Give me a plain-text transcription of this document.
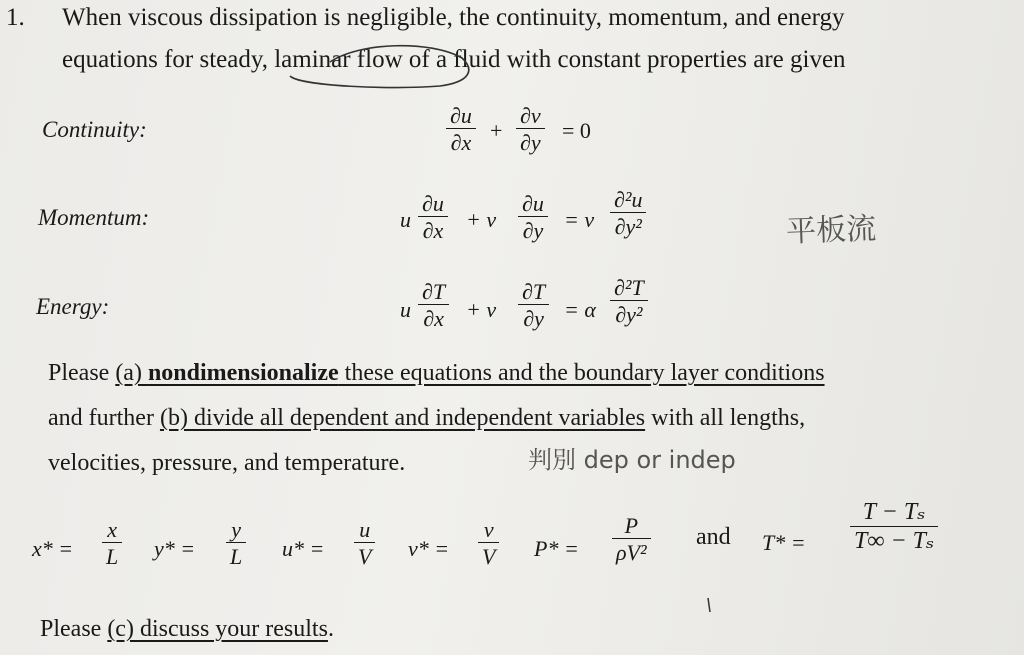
1. When viscous dissipation is negligible, the continuity, momentum, and energy
equations for steady, laminar flow of a fluid with constant properties are given
Continuity:
Momentum:
Energy:
$\frac{\partial u}{\partial x} + \frac{\partial v}{\partial y} = 0$
u $\frac{\partial u}{\partial x} + v \frac{\partial u}{\partial y} = \nu \frac{\text{∂²u}}{\text{∂y²}}$
u $\frac{\partial T}{\partial x} + v \frac{\partial T}{\partial y} = \alpha \frac{\text{∂²T}}{\text{∂y²}}$
平板流
Please (a) nondimensionalize these equations and the boundary layer conditions
and further (b) divide all dependent and independent variables with all lengths,
velocities, pressure, and temperature.	判別 dep or indep
$x* = \frac{x}{L} y* = \frac{y}{L} u* = \frac{u}{V} v* = \frac{v}{V} P* = \frac{P}{\text{ρV²}}$ and $T* = \frac{\text{T − Tₛ}}{\text{T∞ − Tₛ}}$
Please (c) discuss your results.
